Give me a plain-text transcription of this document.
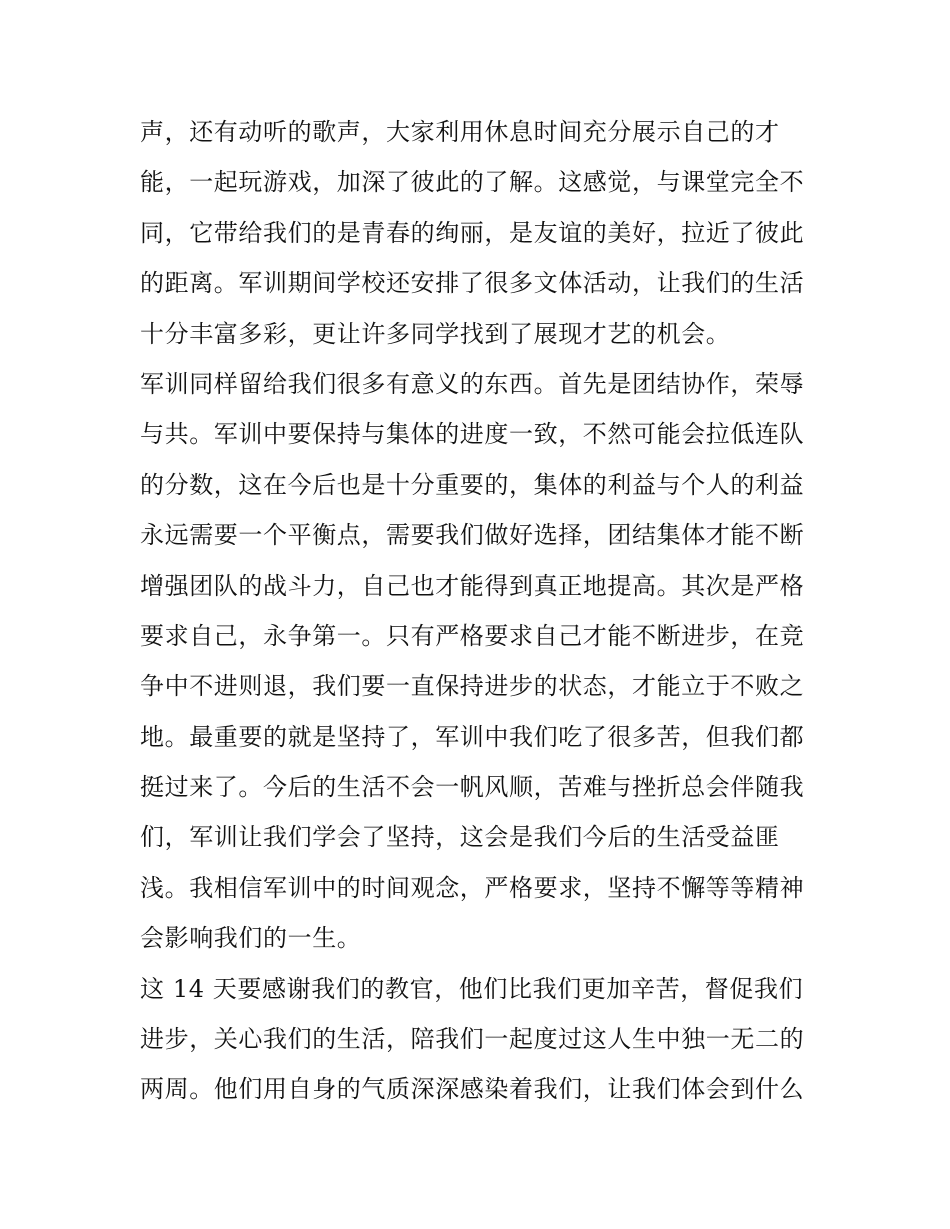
声，还有动听的歌声，大家利用休息时间充分展示自己的才
能，一起玩游戏，加深了彼此的了解。这感觉，与课堂完全不
同，它带给我们的是青春的绚丽，是友谊的美好，拉近了彼此
的距离。军训期间学校还安排了很多文体活动，让我们的生活
十分丰富多彩，更让许多同学找到了展现才艺的机会。
军训同样留给我们很多有意义的东西。首先是团结协作，荣辱
与共。军训中要保持与集体的进度一致，不然可能会拉低连队
的分数，这在今后也是十分重要的，集体的利益与个人的利益
永远需要一个平衡点，需要我们做好选择，团结集体才能不断
增强团队的战斗力，自己也才能得到真正地提高。其次是严格
要求自己，永争第一。只有严格要求自己才能不断进步，在竞
争中不进则退，我们要一直保持进步的状态，才能立于不败之
地。最重要的就是坚持了，军训中我们吃了很多苦，但我们都
挺过来了。今后的生活不会一帆风顺，苦难与挫折总会伴随我
们，军训让我们学会了坚持，这会是我们今后的生活受益匪
浅。我相信军训中的时间观念，严格要求，坚持不懈等等精神
会影响我们的一生。
这 14 天要感谢我们的教官，他们比我们更加辛苦，督促我们
进步，关心我们的生活，陪我们一起度过这人生中独一无二的
两周。他们用自身的气质深深感染着我们，让我们体会到什么
